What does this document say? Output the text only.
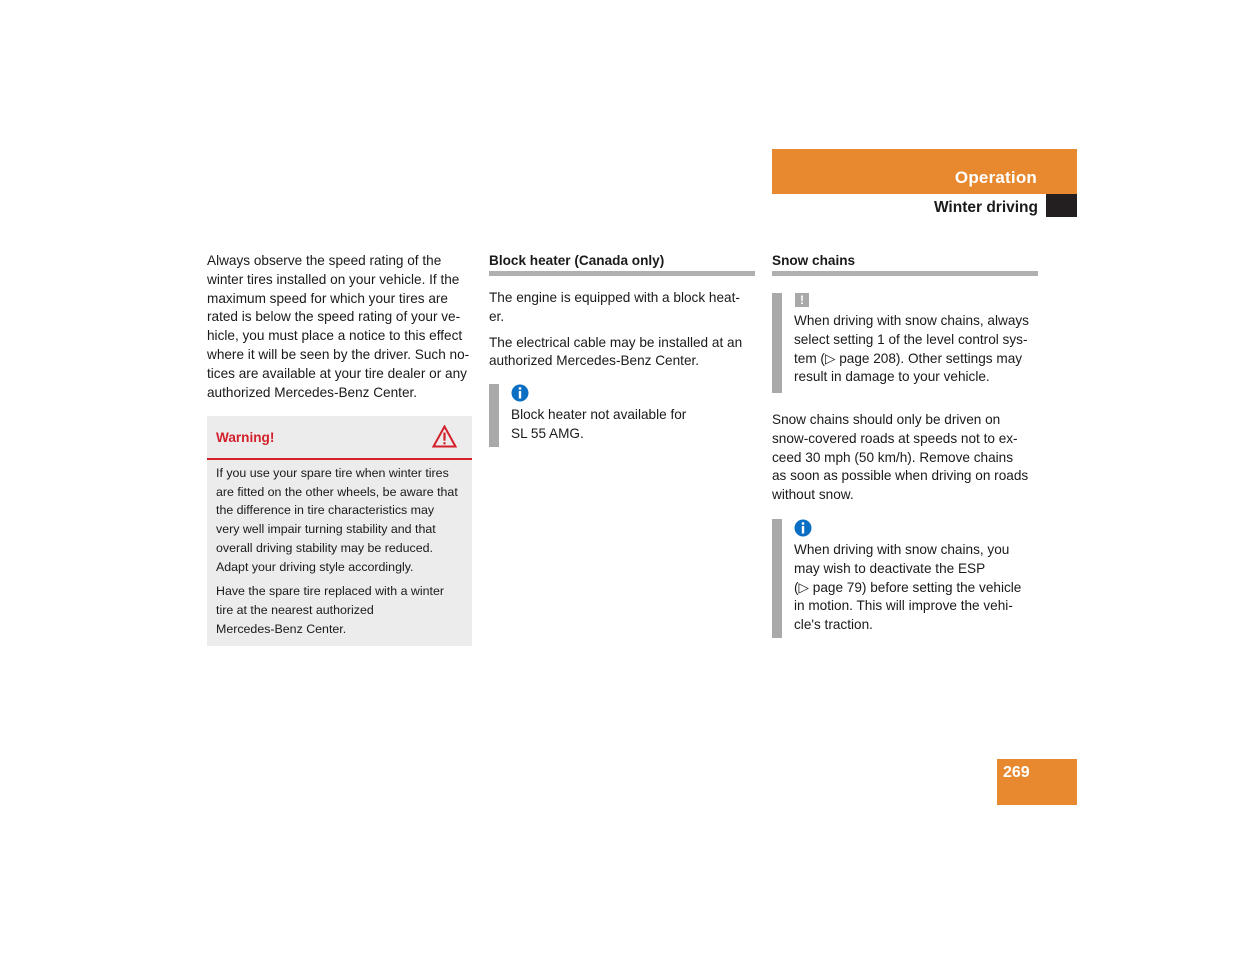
Operation
Winter driving
Always observe the speed rating of the
winter tires installed on your vehicle. If the
maximum speed for which your tires are
rated is below the speed rating of your ve-
hicle, you must place a notice to this effect
where it will be seen by the driver. Such no-
tices are available at your tire dealer or any
authorized Mercedes-Benz Center.
Warning!
If you use your spare tire when winter tires
are fitted on the other wheels, be aware that
the difference in tire characteristics may
very well impair turning stability and that
overall driving stability may be reduced.
Adapt your driving style accordingly.
Have the spare tire replaced with a winter
tire at the nearest authorized
Mercedes-Benz Center.
Block heater (Canada only)
The engine is equipped with a block heat-
er.
The electrical cable may be installed at an
authorized Mercedes-Benz Center.
Block heater not available for
SL 55 AMG.
Snow chains
!
When driving with snow chains, always
select setting 1 of the level control sys-
tem (▷ page 208). Other settings may
result in damage to your vehicle.
Snow chains should only be driven on
snow-covered roads at speeds not to ex-
ceed 30 mph (50 km/h). Remove chains
as soon as possible when driving on roads
without snow.
When driving with snow chains, you
may wish to deactivate the ESP
(▷ page 79) before setting the vehicle
in motion. This will improve the vehi-
cle's traction.
269
